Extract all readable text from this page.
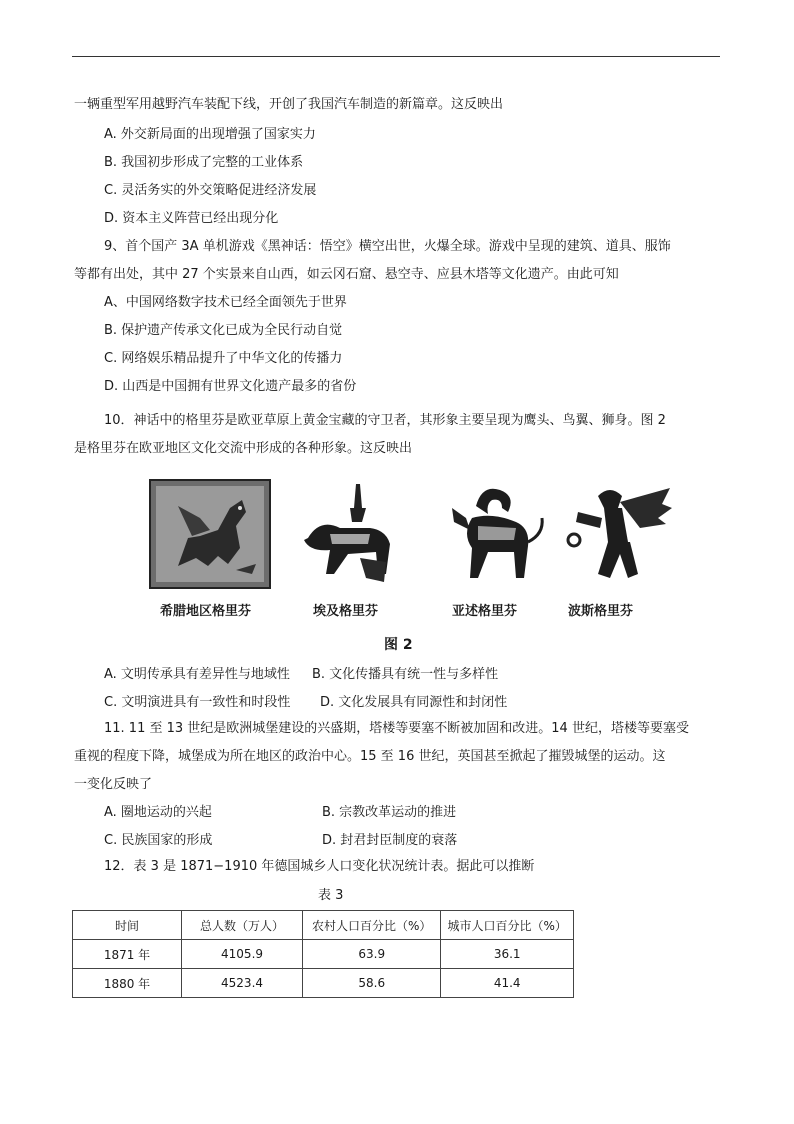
一辆重型军用越野汽车装配下线，开创了我国汽车制造的新篇章。这反映出
A. 外交新局面的出现增强了国家实力
B. 我国初步形成了完整的工业体系
C. 灵活务实的外交策略促进经济发展
D. 资本主义阵营已经出现分化
9、首个国产 3A 单机游戏《黑神话：悟空》横空出世，火爆全球。游戏中呈现的建筑、道具、服饰
等都有出处，其中 27 个实景来自山西，如云冈石窟、悬空寺、应县木塔等文化遗产。由此可知
A、中国网络数字技术已经全面领先于世界
B. 保护遗产传承文化已成为全民行动自觉
C. 网络娱乐精品提升了中华文化的传播力
D. 山西是中国拥有世界文化遗产最多的省份
10．神话中的格里芬是欧亚草原上黄金宝藏的守卫者，其形象主要呈现为鹰头、鸟翼、狮身。图 2
是格里芬在欧亚地区文化交流中形成的各种形象。这反映出
希腊地区格里芬	埃及格里芬	亚述格里芬	波斯格里芬
图 2
A. 文明传承具有差异性与地域性 B. 文化传播具有统一性与多样性
C. 文明演进具有一致性和时段性 D. 文化发展具有同源性和封闭性
11. 11 至 13 世纪是欧洲城堡建设的兴盛期，塔楼等要塞不断被加固和改进。14 世纪，塔楼等要塞受
重视的程度下降，城堡成为所在地区的政治中心。15 至 16 世纪，英国甚至掀起了摧毁城堡的运动。这
一变化反映了
A. 圈地运动的兴起	B. 宗教改革运动的推进
C. 民族国家的形成	D. 封君封臣制度的衰落
12．表 3 是 1871−1910 年德国城乡人口变化状况统计表。据此可以推断
表 3
时间	总人数（万人）	农村人口百分比（%）	城市人口百分比（%）
1871 年	4105.9	63.9	36.1
1880 年	4523.4	58.6	41.4
